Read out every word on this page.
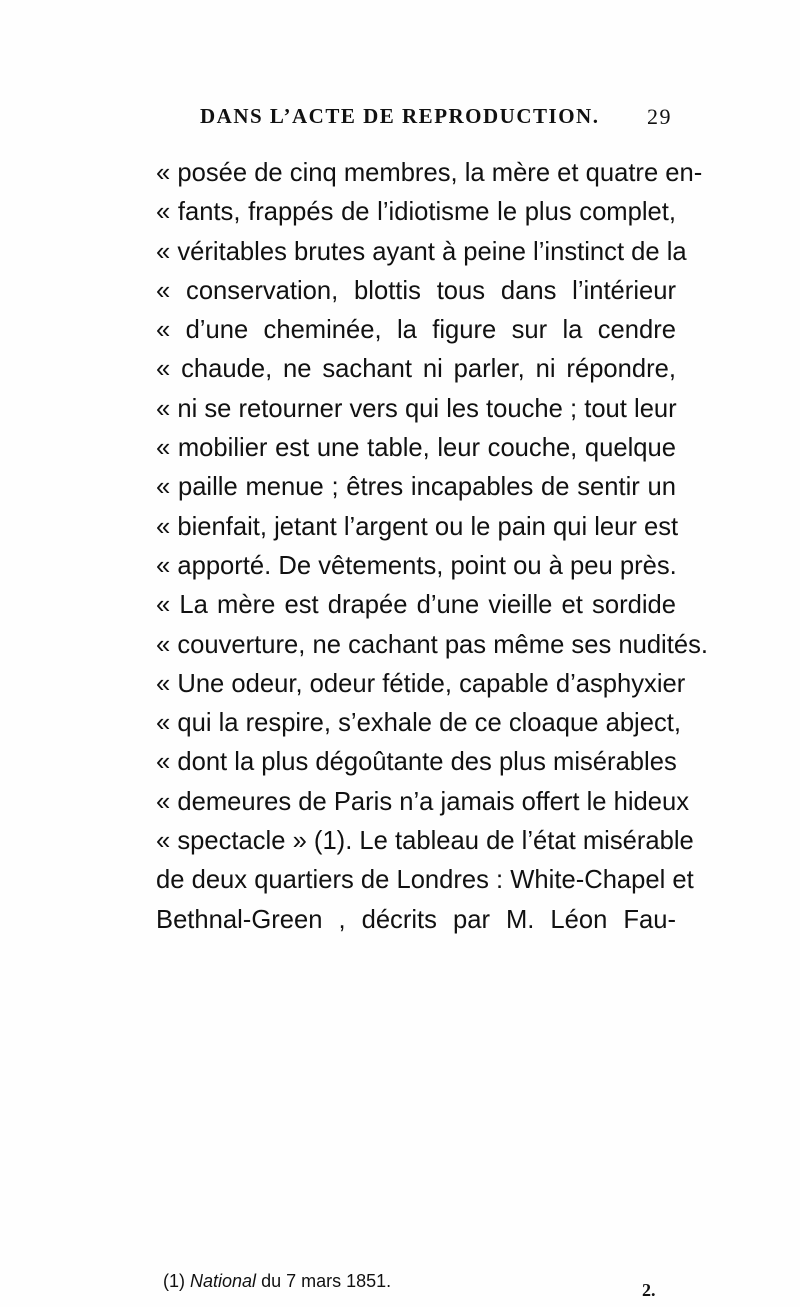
DANS L’ACTE DE REPRODUCTION. 29
« posée de cinq membres, la mère et quatre en-
« fants, frappés de l’idiotisme le plus complet,
« véritables brutes ayant à peine l’instinct de la
« conservation, blottis tous dans l’intérieur
« d’une cheminée, la figure sur la cendre
« chaude, ne sachant ni parler, ni répondre,
« ni se retourner vers qui les touche ; tout leur
« mobilier est une table, leur couche, quelque
« paille menue ; êtres incapables de sentir un
« bienfait, jetant l’argent ou le pain qui leur est
« apporté. De vêtements, point ou à peu près.
« La mère est drapée d’une vieille et sordide
« couverture, ne cachant pas même ses nudités.
« Une odeur, odeur fétide, capable d’asphyxier
« qui la respire, s’exhale de ce cloaque abject,
« dont la plus dégoûtante des plus misérables
« demeures de Paris n’a jamais offert le hideux
« spectacle » (1). Le tableau de l’état misérable
de deux quartiers de Londres : White-Chapel et
Bethnal-Green , décrits par M. Léon Fau-
(1) National du 7 mars 1851.	2.
